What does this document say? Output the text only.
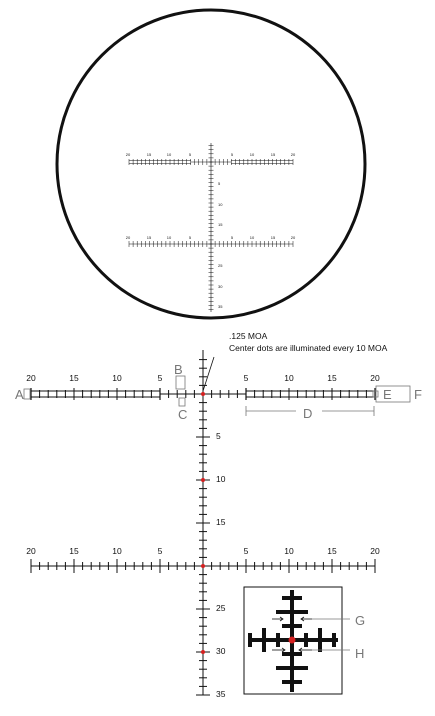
20	15	10	5	5	10	15	20
20	15	10	5	5	10	15	20
5
10
15
25
30
35
.125 MOA
Center dots are illuminated every 10 MOA
20	15	10	5	5	10	15	20
20	15	10	5	5	10	15	20
5
10
15
25
30
35
A
B
C	D
E F
G
H
